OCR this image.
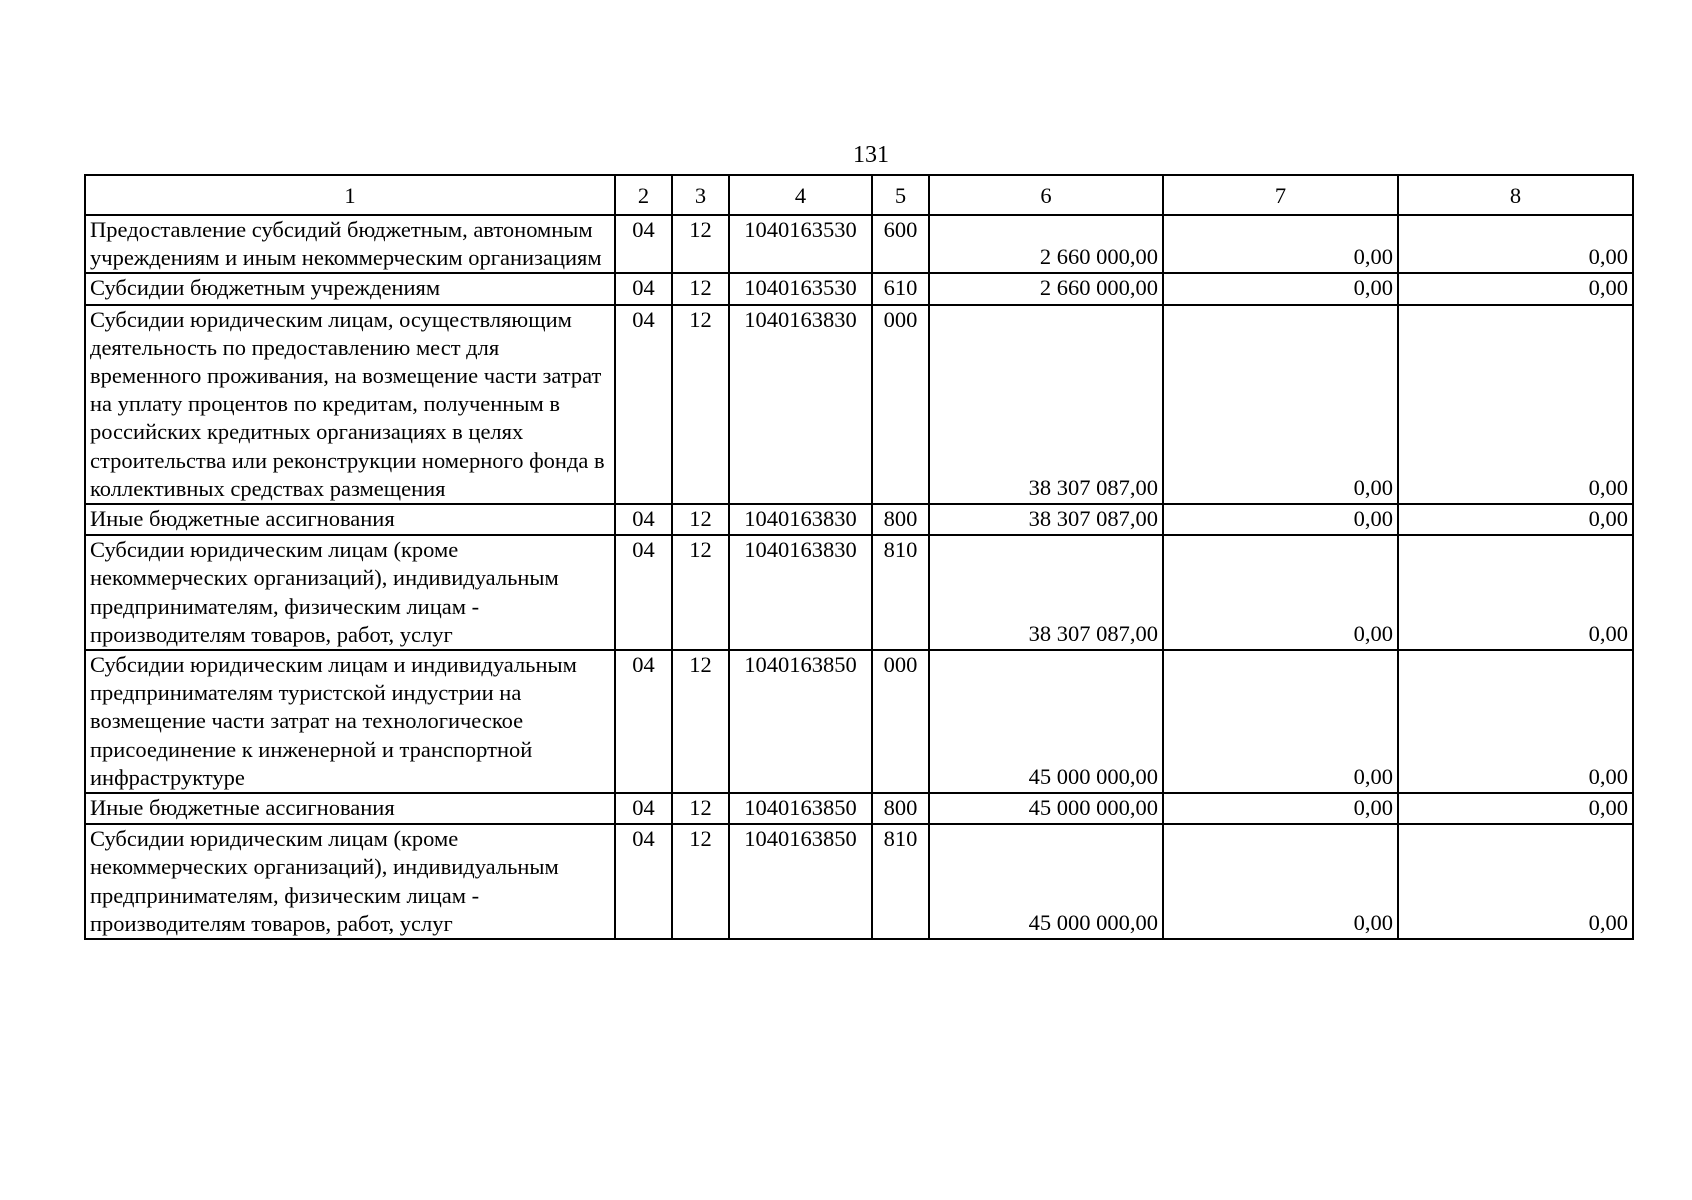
131
1	2	3	4	5	6	7	8
Предоставление субсидий бюджетным, автономным учреждениям и иным некоммерческим организациям	04	12	1040163530	600	2 660 000,00	0,00	0,00
Субсидии бюджетным учреждениям	04	12	1040163530	610	2 660 000,00	0,00	0,00
Субсидии юридическим лицам, осуществляющим деятельность по предоставлению мест для временного проживания, на возмещение части затрат на уплату процентов по кредитам, полученным в российских кредитных организациях в целях строительства или реконструкции номерного фонда в коллективных средствах размещения	04	12	1040163830	000	38 307 087,00	0,00	0,00
Иные бюджетные ассигнования	04	12	1040163830	800	38 307 087,00	0,00	0,00
Субсидии юридическим лицам (кроме некоммерческих организаций), индивидуальным предпринимателям, физическим лицам - производителям товаров, работ, услуг	04	12	1040163830	810	38 307 087,00	0,00	0,00
Субсидии юридическим лицам и индивидуальным предпринимателям туристской индустрии на возмещение части затрат на технологическое присоединение к инженерной и транспортной инфраструктуре	04	12	1040163850	000	45 000 000,00	0,00	0,00
Иные бюджетные ассигнования	04	12	1040163850	800	45 000 000,00	0,00	0,00
Субсидии юридическим лицам (кроме некоммерческих организаций), индивидуальным предпринимателям, физическим лицам - производителям товаров, работ, услуг	04	12	1040163850	810	45 000 000,00	0,00	0,00
